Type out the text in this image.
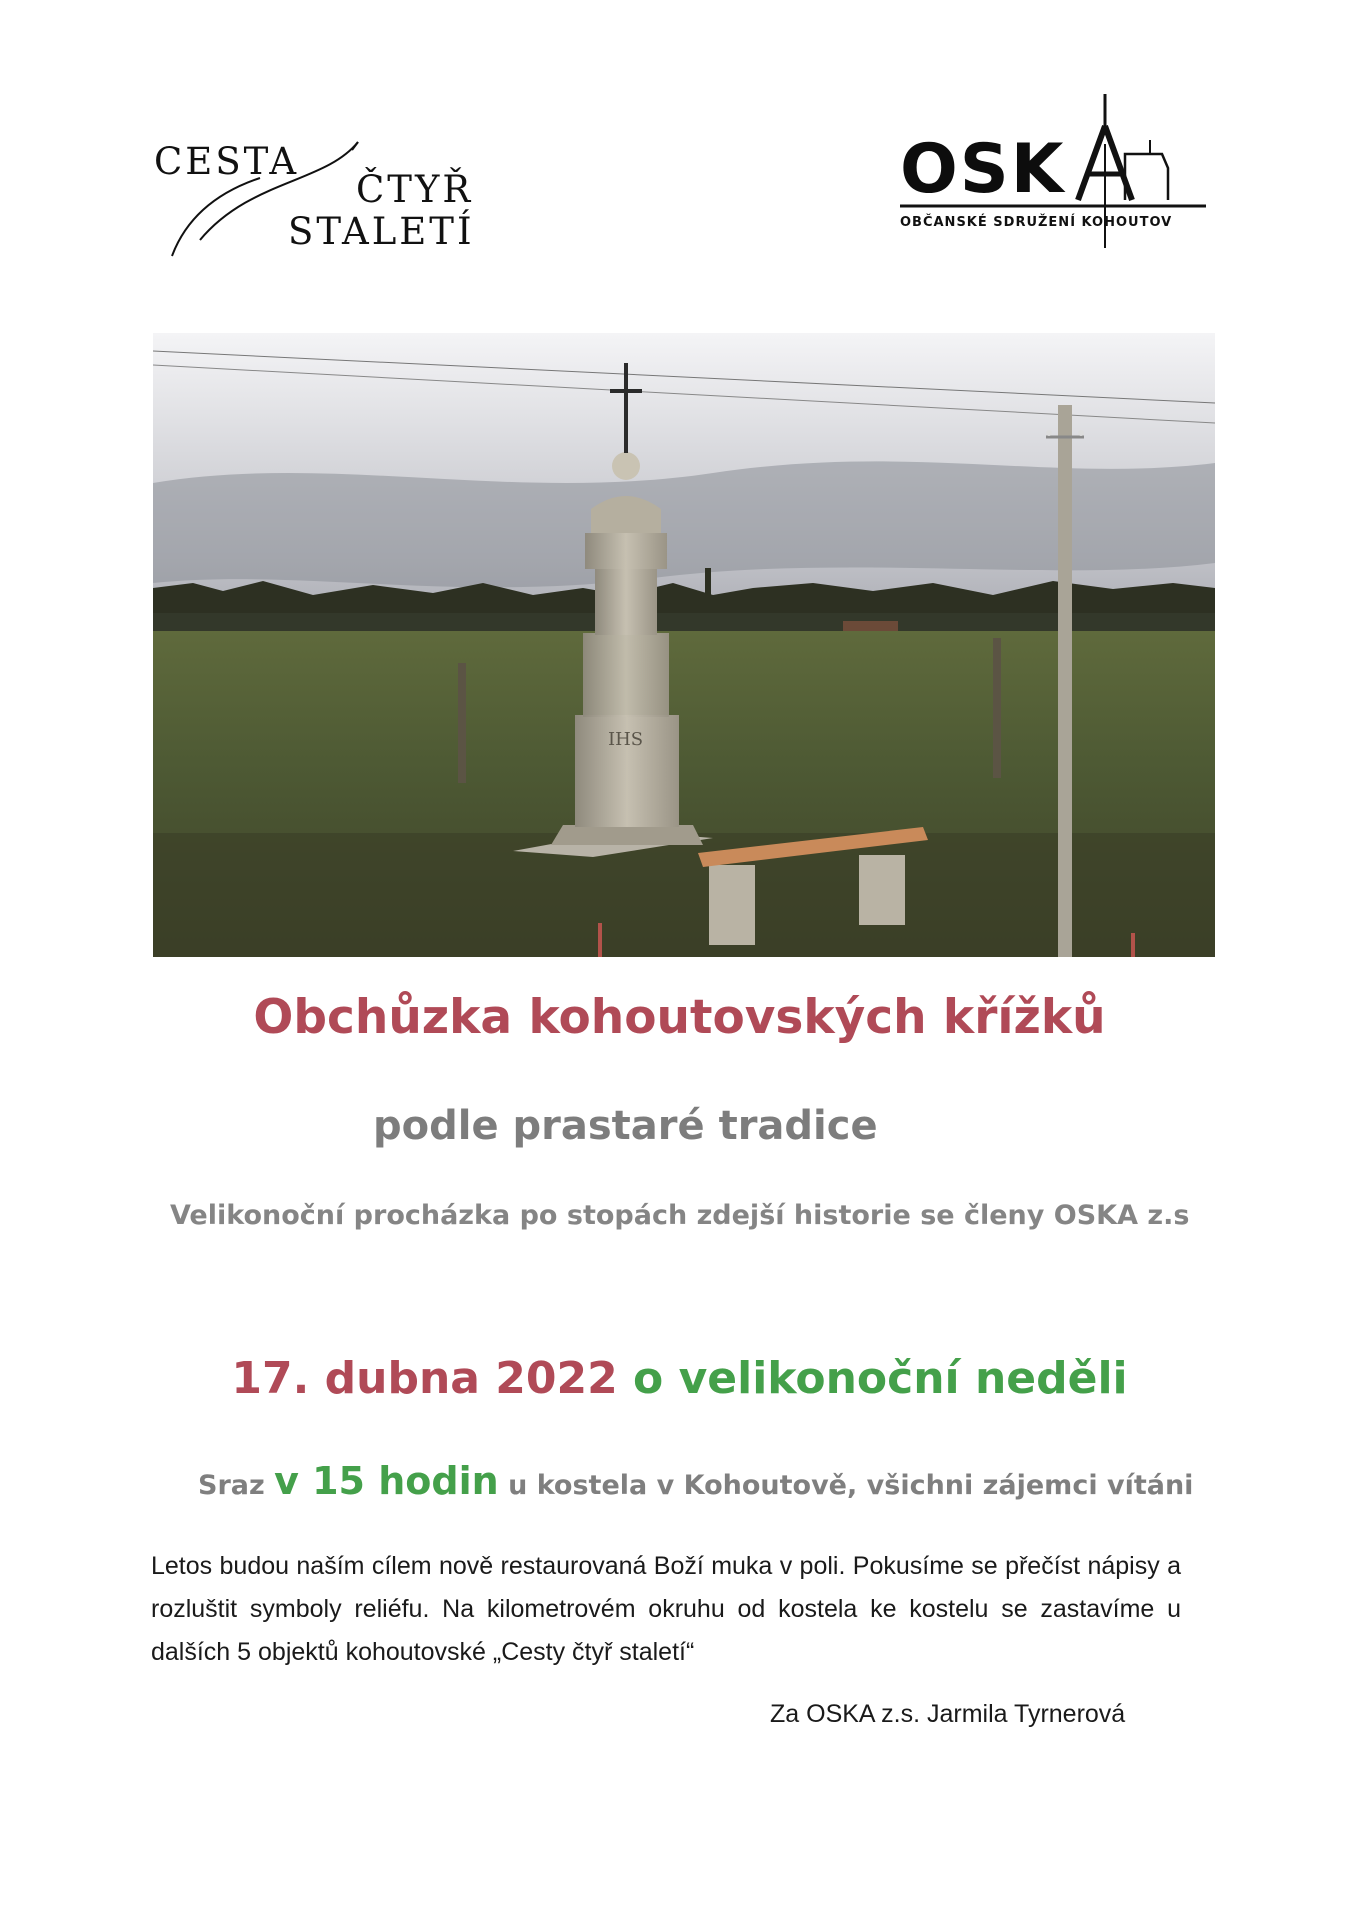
CESTA
ČTYŘ
STALETÍ
OSK
OBČANSKÉ SDRUŽENÍ KOHOUTOV
IHS
Obchůzka kohoutovských křížků
podle prastaré tradice
Velikonoční procházka po stopách zdejší historie se členy OSKA z.s
17. dubna 2022 o velikonoční neděli
Sraz v 15 hodin u kostela v Kohoutově, všichni zájemci vítáni
Letos budou naším cílem nově restaurovaná Boží muka v poli. Pokusíme se přečíst nápisy a rozluštit symboly reliéfu. Na kilometrovém okruhu od kostela ke kostelu se zastavíme u dalších 5 objektů kohoutovské „Cesty čtyř staletí“
Za OSKA z.s. Jarmila Tyrnerová
